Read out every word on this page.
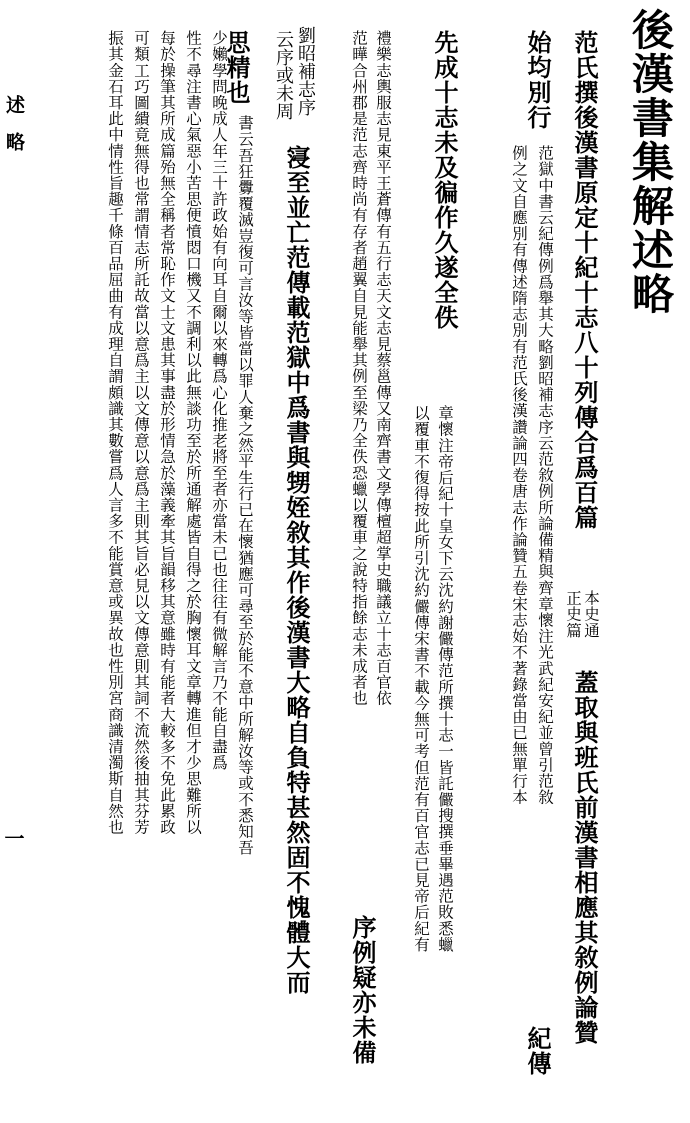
後漢書集解述略
范氏撰後漢書原定十紀十志八十列傳合爲百篇
本史通
正史篇
蓋取與班氏前漢書相應其敘例論贊
始均別行
范獄中書云紀傳例爲舉其大略劉昭補志序云范敘例所論備精與齊章懷注光武紀安紀並曾引范敘
紀傳
例之文自應別有傳述隋志別有范氏後漢讚論四卷唐志作論贊五卷宋志始不著錄當由已無單行本
先成十志未及徧作久遂全佚
章懷注帝后紀十皇女下云沈約謝儼傳范所撰十志一皆託儼搜撰垂畢遇范敗悉蠟
以覆車不復得按此所引沈約儼傳宋書不載今無可考但范有百官志已見帝后紀有
禮樂志輿服志見東平王蒼傳有五行志天文志見蔡邕傳又南齊書文學傳檀超掌史職議立十志百官依
序例疑亦未備
范曄合州郡是范志齊時尚有存者趙翼自見能舉其例至梁乃全佚恐蠟以覆車之說特指餘志未成者也
劉昭補志序
云序或未周
寖至並亡范傳載范獄中爲書與甥姪敘其作後漢書大略自負特甚然固不愧體大而
思精也
書云吾狂釁覆滅豈復可言汝等皆當以罪人棄之然平生行已在懷猶應可尋至於能不意中所解汝等或不悉知吾
少嬾學問晚成人年三十許政始有向耳自爾以來轉爲心化推老將至者亦當未已也往往有微解言乃不能自盡爲
性不尋注書心氣惡小苦思便憤悶口機又不調利以此無談功至於所通解處皆自得之於胸懷耳文章轉進但才少思難所以
每於操筆其所成篇殆無全稱者常恥作文士文患其事盡於形情急於藻義牽其旨韻移其意雖時有能者大較多不免此累政
可類工巧圖繢竟無得也常謂情志所託故當以意爲主以文傳意以意爲主則其旨必見以文傳意則其詞不流然後抽其芬芳
振其金石耳此中情性旨趣千條百品屈曲有成理自謂頗識其數嘗爲人言多不能賞意或異故也性別宮商識清濁斯自然也
述略
一
